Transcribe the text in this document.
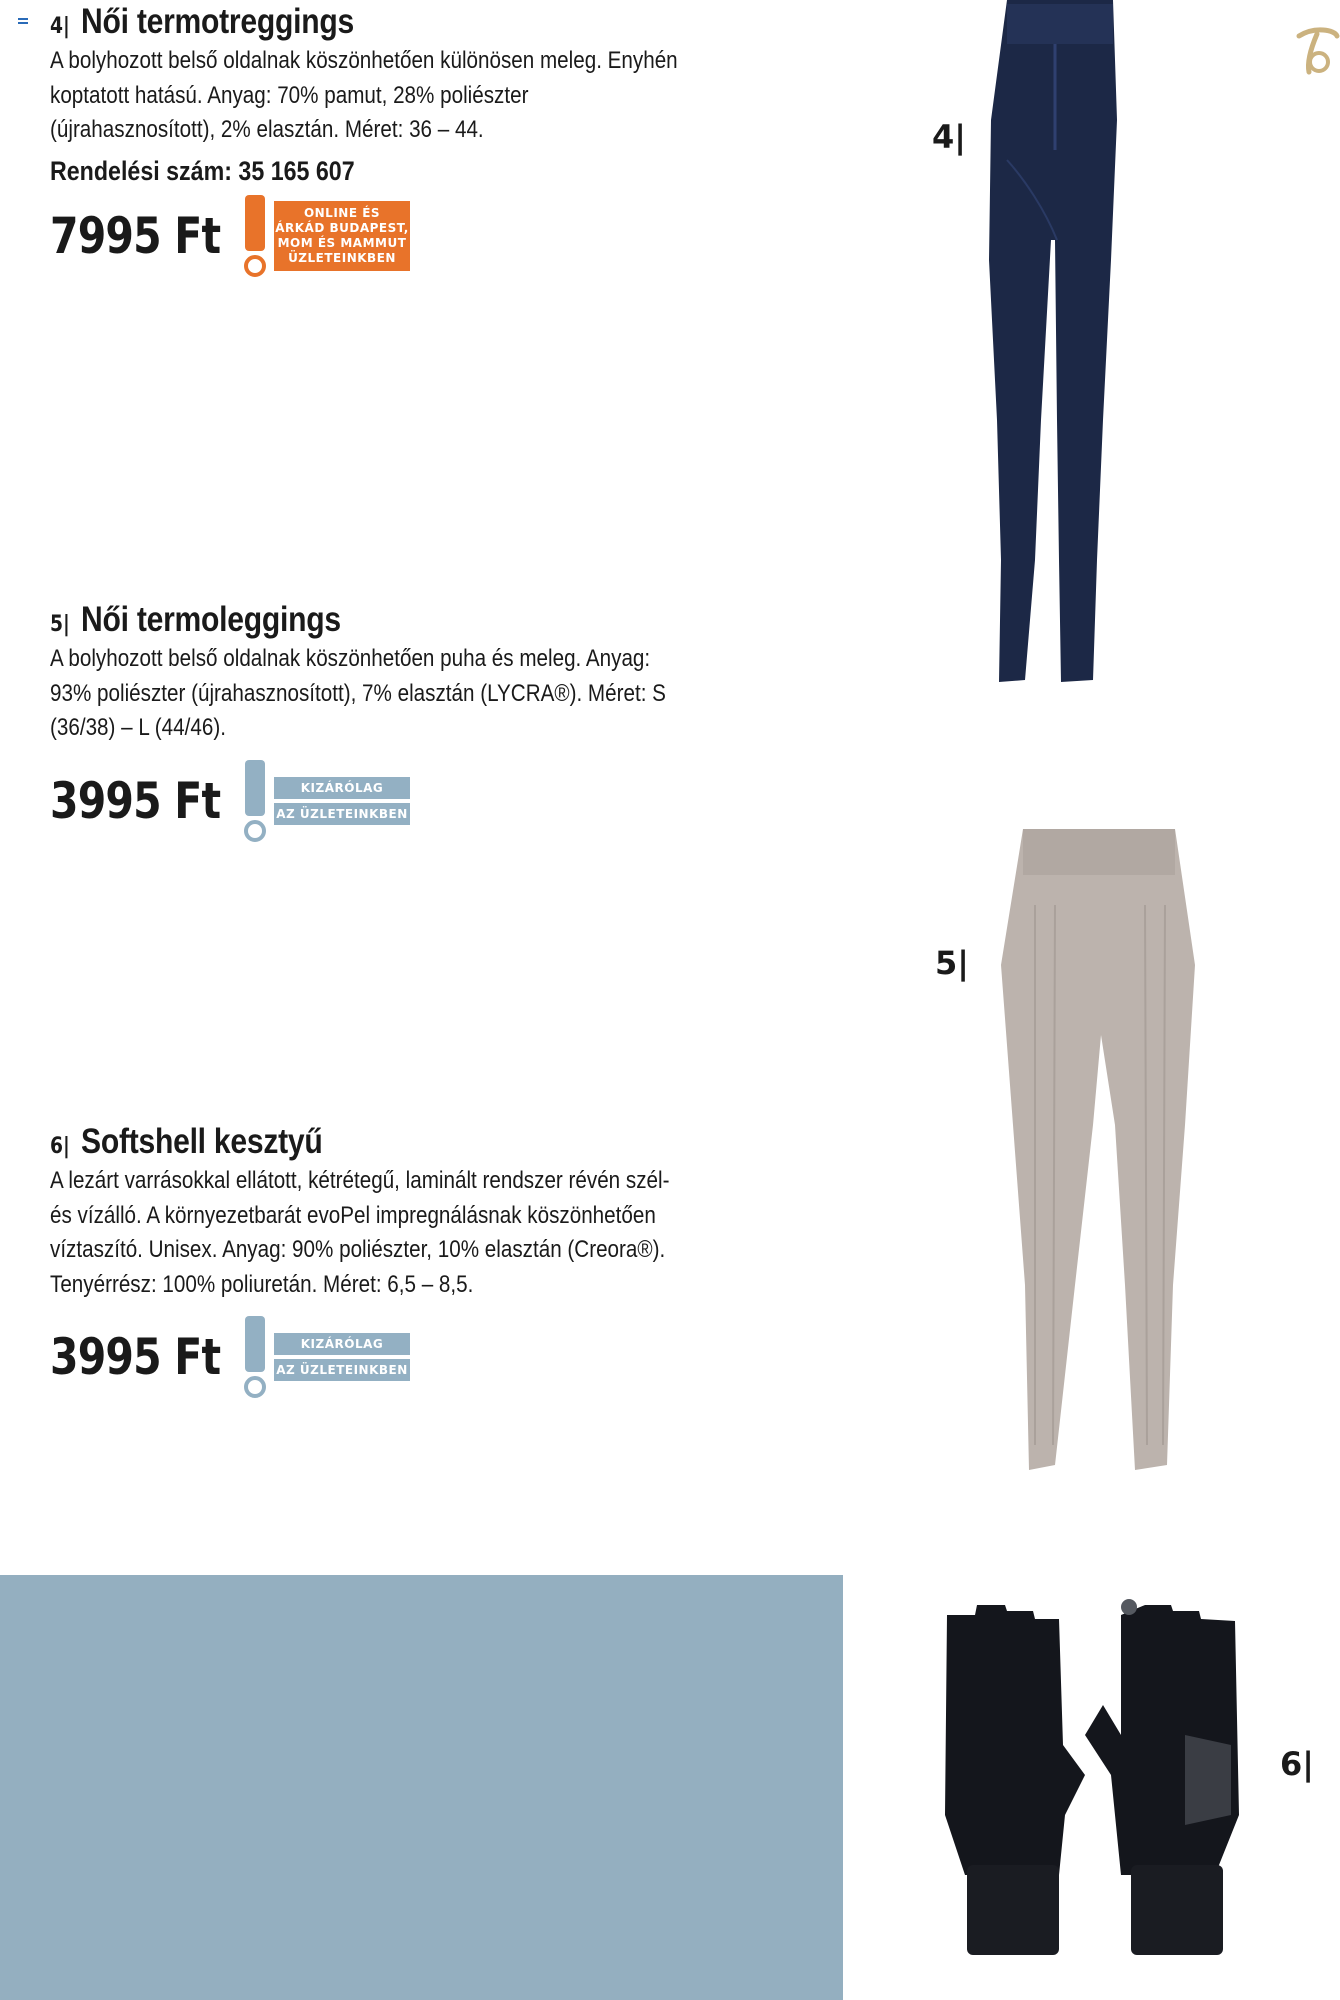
4| Női termotreggings

A bolyhozott belső oldalnak köszönhetően különösen meleg. Enyhén koptatott hatású. Anyag: 70% pamut, 28% poliészter (újrahasznosított), 2% elasztán. Méret: 36 – 44.

Rendelési szám: 35 165 607
7995 Ft	ONLINE ÉS
ÁRKÁD BUDAPEST,
MOM ÉS MAMMUT
ÜZLETEINKBEN
5| Női termoleggings

A bolyhozott belső oldalnak köszönhetően puha és meleg. Anyag: 93% poliészter (újrahasznosított), 7% elasztán (LYCRA®). Méret: S (36/38) – L (44/46).

3995 Ft	KIZÁRÓLAG
AZ ÜZLETEINKBEN
6| Softshell kesztyű

A lezárt varrásokkal ellátott, kétrétegű, laminált rendszer révén szél- és vízálló. A környezetbarát evoPel impregnálásnak köszönhetően víztaszító. Unisex. Anyag: 90% poliészter, 10% elasztán (Creora®). Tenyérrész: 100% poliuretán. Méret: 6,5 – 8,5.

3995 Ft	KIZÁRÓLAG
AZ ÜZLETEINKBEN
4|
5|
6|
